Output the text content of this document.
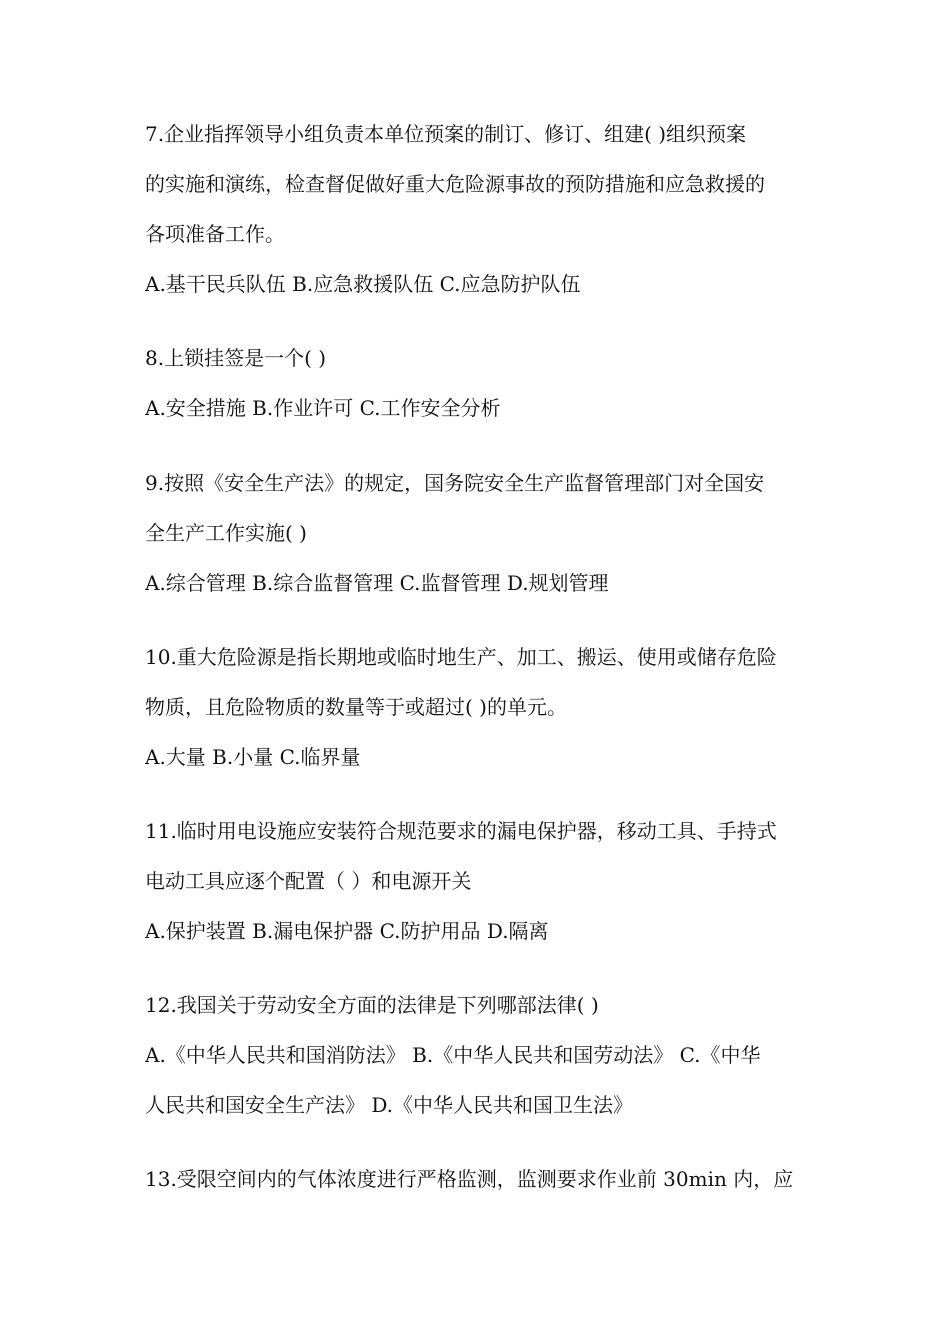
7.企业指挥领导小组负责本单位预案的制订、修订、组建( )组织预案
的实施和演练，检查督促做好重大危险源事故的预防措施和应急救援的
各项准备工作。
A.基干民兵队伍 B.应急救援队伍 C.应急防护队伍
8.上锁挂签是一个( )
A.安全措施 B.作业许可 C.工作安全分析
9.按照《安全生产法》的规定，国务院安全生产监督管理部门对全国安
全生产工作实施( )
A.综合管理 B.综合监督管理 C.监督管理 D.规划管理
10.重大危险源是指长期地或临时地生产、加工、搬运、使用或储存危险
物质，且危险物质的数量等于或超过( )的单元。
A.大量 B.小量 C.临界量
11.临时用电设施应安装符合规范要求的漏电保护器，移动工具、手持式
电动工具应逐个配置（ ）和电源开关
A.保护装置 B.漏电保护器 C.防护用品 D.隔离
12.我国关于劳动安全方面的法律是下列哪部法律( )
A.《中华人民共和国消防法》 B.《中华人民共和国劳动法》 C.《中华
人民共和国安全生产法》 D.《中华人民共和国卫生法》
13.受限空间内的气体浓度进行严格监测，监测要求作业前 30min 内，应
